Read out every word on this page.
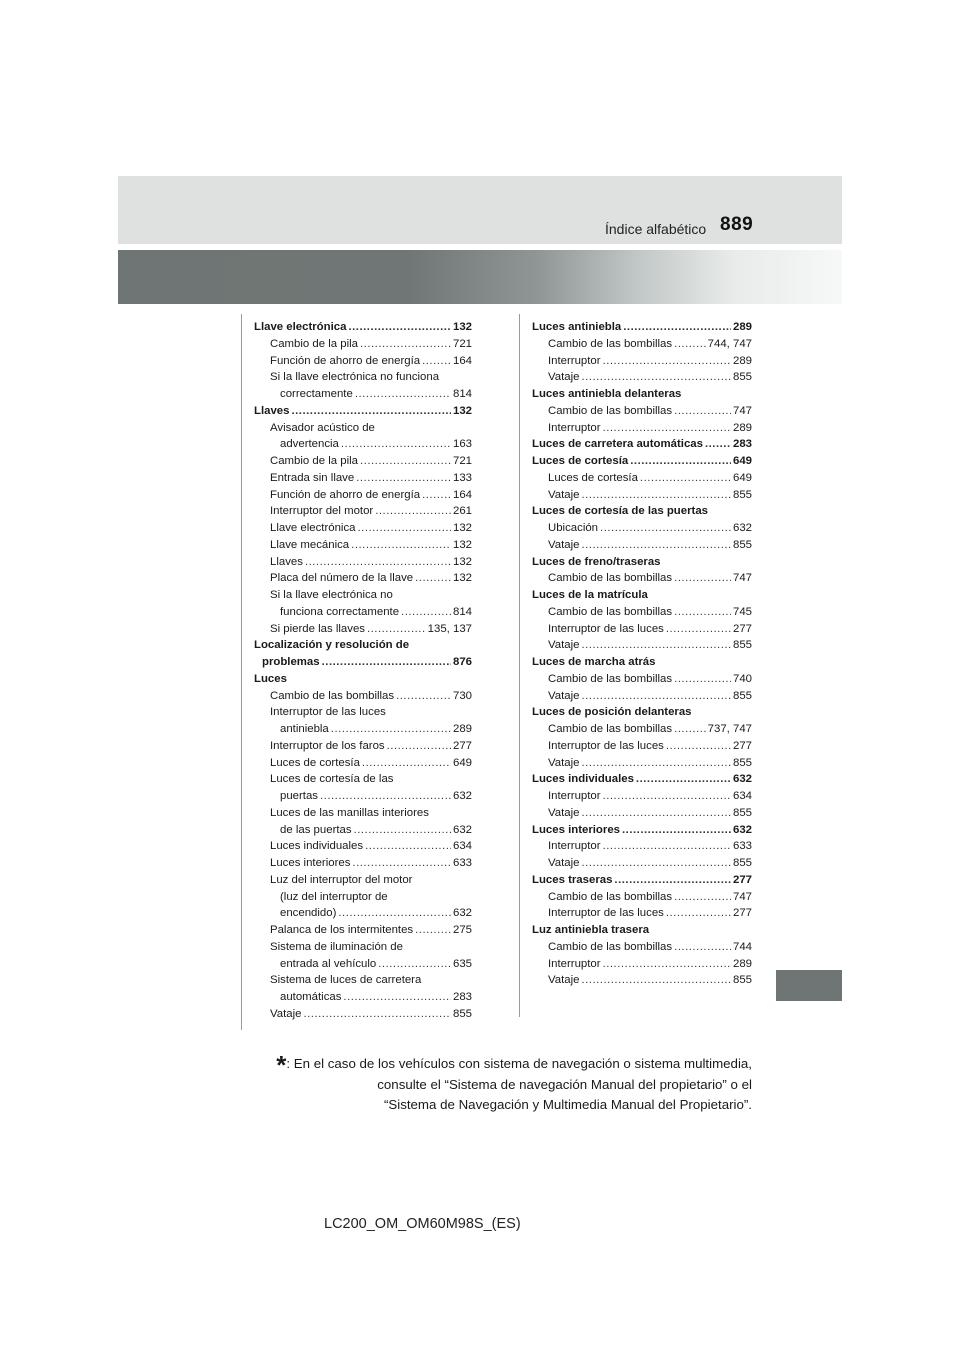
889
Índice alfabético
Llave electrónica .....	132
Cambio de la pila .....	721
Función de ahorro de energía .....	164
Si la llave electrónica no funciona
correctamente .....	814
Llaves .....	132
Avisador acústico de
advertencia .....	163
Cambio de la pila .....	721
Entrada sin llave .....	133
Función de ahorro de energía .....	164
Interruptor del motor .....	261
Llave electrónica .....	132
Llave mecánica .....	132
Llaves .....	132
Placa del número de la llave .....	132
Si la llave electrónica no
funciona correctamente .....	814
Si pierde las llaves .....	135, 137
Localización y resolución de
problemas .....	876
Luces
Cambio de las bombillas .....	730
Interruptor de las luces
antiniebla .....	289
Interruptor de los faros .....	277
Luces de cortesía .....	649
Luces de cortesía de las
puertas .....	632
Luces de las manillas interiores
de las puertas .....	632
Luces individuales .....	634
Luces interiores .....	633
Luz del interruptor del motor
(luz del interruptor de
encendido) .....	632
Palanca de los intermitentes .....	275
Sistema de iluminación de
entrada al vehículo .....	635
Sistema de luces de carretera
automáticas .....	283
Vataje .....	855
Luces antiniebla .....	289
Cambio de las bombillas .....	744, 747
Interruptor .....	289
Vataje .....	855
Luces antiniebla delanteras
Cambio de las bombillas .....	747
Interruptor .....	289
Luces de carretera automáticas .....	283
Luces de cortesía .....	649
Luces de cortesía .....	649
Vataje .....	855
Luces de cortesía de las puertas
Ubicación .....	632
Vataje .....	855
Luces de freno/traseras
Cambio de las bombillas .....	747
Luces de la matrícula
Cambio de las bombillas .....	745
Interruptor de las luces .....	277
Vataje .....	855
Luces de marcha atrás
Cambio de las bombillas .....	740
Vataje .....	855
Luces de posición delanteras
Cambio de las bombillas .....	737, 747
Interruptor de las luces .....	277
Vataje .....	855
Luces individuales .....	632
Interruptor .....	634
Vataje .....	855
Luces interiores .....	632
Interruptor .....	633
Vataje .....	855
Luces traseras .....	277
Cambio de las bombillas .....	747
Interruptor de las luces .....	277
Luz antiniebla trasera
Cambio de las bombillas .....	744
Interruptor .....	289
Vataje .....	855
*: En el caso de los vehículos con sistema de navegación o sistema multimedia,
consulte el “Sistema de navegación Manual del propietario” o el
“Sistema de Navegación y Multimedia Manual del Propietario”.
LC200_OM_OM60M98S_(ES)
